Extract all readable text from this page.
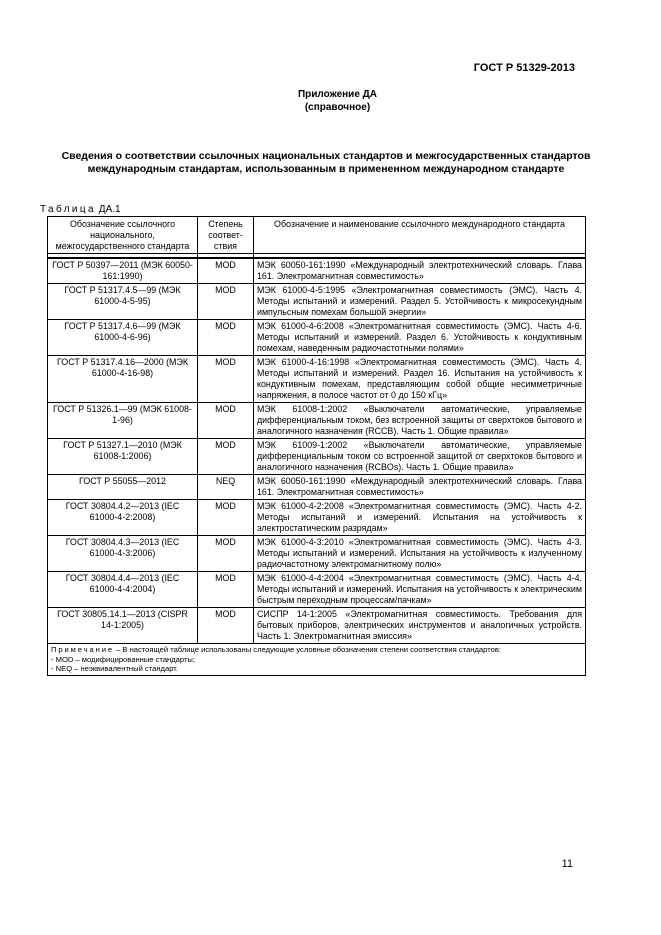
ГОСТ Р 51329-2013
Приложение ДА
(справочное)
Сведения о соответствии ссылочных национальных стандартов и межгосударственных стандартов международным стандартам, использованным в примененном международном стандарте
Таблица ДА.1
Обозначение ссылочного национального, межгосударственного стандарта	Степень соответ-ствия	Обозначение и наименование ссылочного международного стандарта

ГОСТ Р 50397—2011 (МЭК 60050-161:1990)	MOD	МЭК 60050-161:1990 «Международный электротехнический словарь. Глава 161. Электромагнитная совместимость»
ГОСТ Р 51317.4.5—99 (МЭК 61000-4-5-95)	MOD	МЭК 61000-4-5:1995 «Электромагнитная совместимость (ЭМС). Часть 4. Методы испытаний и измерений. Раздел 5. Устойчивость к микросекундным импульсным помехам большой энергии»
ГОСТ Р 51317.4.6—99 (МЭК 61000-4-6-96)	MOD	МЭК 61000-4-6:2008 «Электромагнитная совместимость (ЭМС). Часть 4-6. Методы испытаний и измерений. Раздел 6. Устойчивость к кондуктивным помехам, наведенным радиочастотными полями»
ГОСТ Р 51317.4.16—2000 (МЭК 61000-4-16-98)	MOD	МЭК 61000-4-16:1998 «Электромагнитная совместимость (ЭМС). Часть 4. Методы испытаний и измерений. Раздел 16. Испытания на устойчивость к кондуктивным помехам, представляющим собой общие несимметричные напряжения, в полосе частот от 0 до 150 кГц»
ГОСТ Р 51326.1—99 (МЭК 61008-1-96)	MOD	МЭК 61008-1:2002 «Выключатели автоматические, управляемые дифференциальным током, без встроенной защиты от сверхтоков бытового и аналогичного назначения (RCCB). Часть 1. Общие правила»
ГОСТ Р 51327.1—2010 (МЭК 61008-1:2006)	MOD	МЭК 61009-1:2002 «Выключатели автоматические, управляемые дифференциальным током со встроенной защитой от сверхтоков бытового и аналогичного назначения (RCBOs). Часть 1. Общие правила»
ГОСТ Р 55055—2012	NEQ	МЭК 60050-161:1990 «Международный электротехнический словарь. Глава 161. Электромагнитная совместимость»
ГОСТ 30804.4.2—2013 (IEC 61000-4-2:2008)	MOD	МЭК 61000-4-2:2008 «Электромагнитная совместимость (ЭМС). Часть 4-2. Методы испытаний и измерений. Испытания на устойчивость к электростатическим разрядам»
ГОСТ 30804.4.3—2013 (IEC 61000-4-3:2006)	MOD	МЭК 61000-4-3:2010 «Электромагнитная совместимость (ЭМС). Часть 4-3. Методы испытаний и измерений. Испытания на устойчивость к излученному радиочастотному электромагнитному полю»
ГОСТ 30804.4.4—2013 (IEC 61000-4-4:2004)	MOD	МЭК 61000-4-4:2004 «Электромагнитная совместимость (ЭМС). Часть 4-4. Методы испытаний и измерений. Испытания на устойчивость к электрическим быстрым переходным процессам/пачкам»
ГОСТ 30805.14.1—2013 (CISPR 14-1:2005)	MOD	СИСПР 14-1:2005 «Электромагнитная совместимость. Требования для бытовых приборов, электрических инструментов и аналогичных устройств. Часть 1. Электромагнитная эмиссия»

Примечание – В настоящей таблице использованы следующие условные обозначения степени соответствия стандартов:
- MOD – модифицированные стандарты;
- NEQ – неэквивалентный стандарт.		
11
